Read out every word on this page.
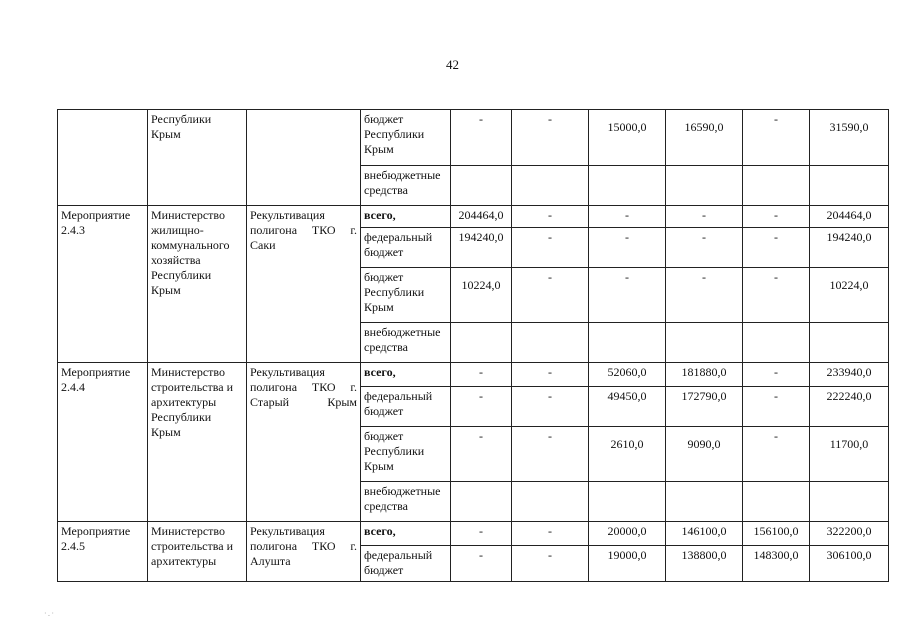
42
	Республики Крым		бюджет Республики Крым	-	-	15000,0	16590,0	-	31590,0
			внебюджетные средства						
Мероприятие 2.4.3	Министерство жилищно-коммунального хозяйства Республики Крым	Рекультивация полигона ТКО г. Саки	всего,	204464,0	-	-	-	-	204464,0
			федеральный бюджет	194240,0	-	-	-	-	194240,0
			бюджет Республики Крым	10224,0	-	-	-	-	10224,0
			внебюджетные средства						
Мероприятие 2.4.4	Министерство строительства и архитектуры Республики Крым	Рекультивация полигона ТКО г. Старый Крым	всего,	-	-	52060,0	181880,0	-	233940,0
			федеральный бюджет	-	-	49450,0	172790,0	-	222240,0
			бюджет Республики Крым	-	-	2610,0	9090,0	-	11700,0
			внебюджетные средства						
Мероприятие 2.4.5	Министерство строительства и архитектуры	Рекультивация полигона ТКО г. Алушта	всего,	-	-	20000,0	146100,0	156100,0	322200,0
			федеральный бюджет	-	-	19000,0	138800,0	148300,0	306100,0
·․·
